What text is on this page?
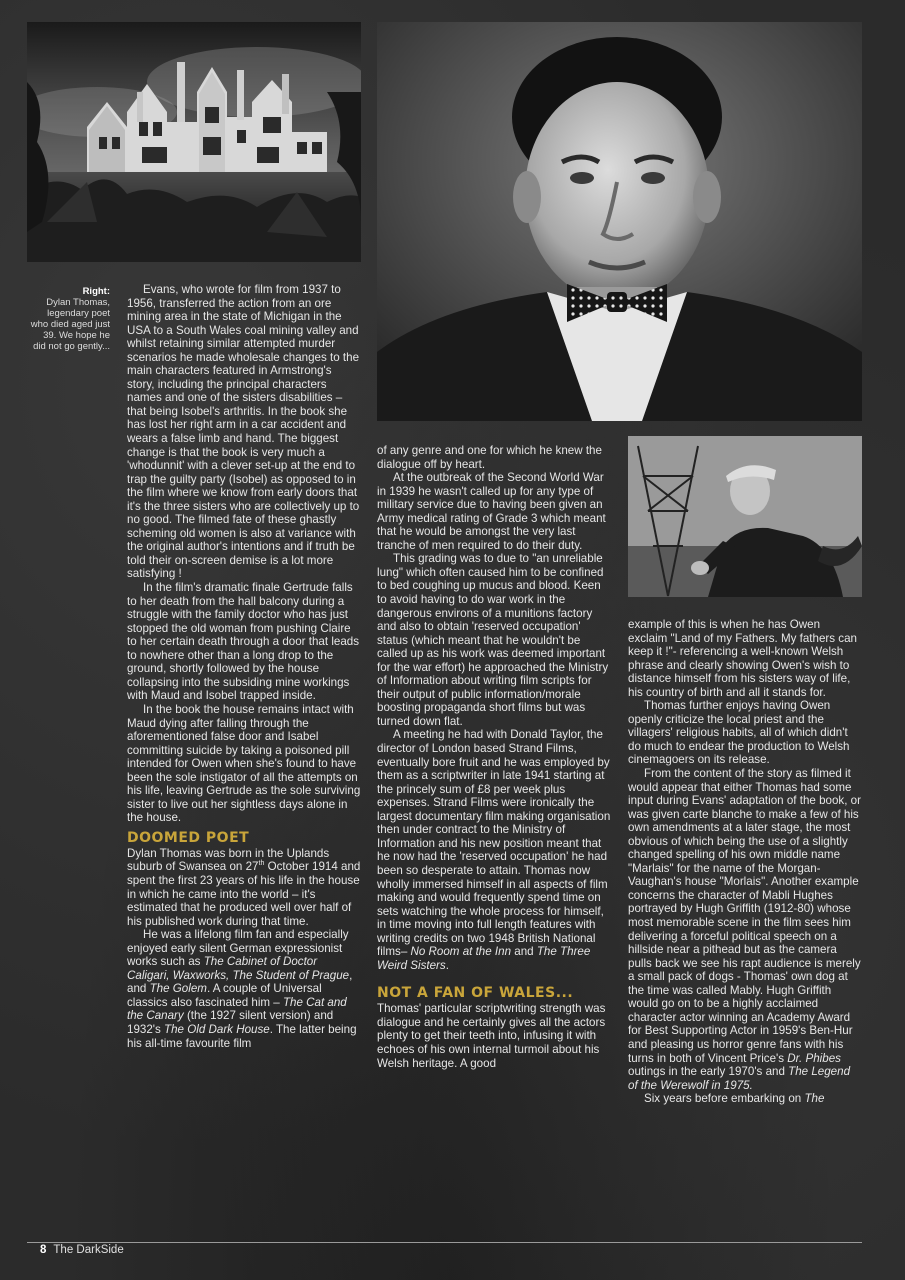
Right:
Dylan Thomas, legendary poet who died aged just 39. We hope he did not go gently...

Evans, who wrote for film from 1937 to 1956, transferred the action from an ore mining area in the state of Michigan in the USA to a South Wales coal mining valley and whilst retaining similar attempted murder scenarios he made wholesale changes to the main characters featured in Armstrong's story, including the principal characters names and one of the sisters disabilities – that being Isobel's arthritis. In the book she has lost her right arm in a car accident and wears a false limb and hand. The biggest change is that the book is very much a 'whodunnit' with a clever set-up at the end to trap the guilty party (Isobel) as opposed to in the film where we know from early doors that it's the three sisters who are collectively up to no good. The filmed fate of these ghastly scheming old women is also at variance with the original author's intentions and if truth be told their on-screen demise is a lot more satisfying !

In the film's dramatic finale Gertrude falls to her death from the hall balcony during a struggle with the family doctor who has just stopped the old woman from pushing Claire to her certain death through a door that leads to nowhere other than a long drop to the ground, shortly followed by the house collapsing into the subsiding mine workings with Maud and Isobel trapped inside.

In the book the house remains intact with Maud dying after falling through the aforementioned false door and Isabel committing suicide by taking a poisoned pill intended for Owen when she's found to have been the sole instigator of all the attempts on his life, leaving Gertrude as the sole surviving sister to live out her sightless days alone in the house.

DOOMED POET

Dylan Thomas was born in the Uplands suburb of Swansea on 27th October 1914 and spent the first 23 years of his life in the house in which he came into the world – it's estimated that he produced well over half of his published work during that time.

He was a lifelong film fan and especially enjoyed early silent German expressionist works such as The Cabinet of Doctor Caligari, Waxworks, The Student of Prague, and The Golem. A couple of Universal classics also fascinated him – The Cat and the Canary (the 1927 silent version) and 1932's The Old Dark House. The latter being his all-time favourite film

of any genre and one for which he knew the dialogue off by heart.

At the outbreak of the Second World War in 1939 he wasn't called up for any type of military service due to having been given an Army medical rating of Grade 3 which meant that he would be amongst the very last tranche of men required to do their duty.

This grading was to due to "an unreliable lung" which often caused him to be confined to bed coughing up mucus and blood. Keen to avoid having to do war work in the dangerous environs of a munitions factory and also to obtain 'reserved occupation' status (which meant that he wouldn't be called up as his work was deemed important for the war effort) he approached the Ministry of Information about writing film scripts for their output of public information/morale boosting propaganda short films but was turned down flat.

A meeting he had with Donald Taylor, the director of London based Strand Films, eventually bore fruit and he was employed by them as a scriptwriter in late 1941 starting at the princely sum of £8 per week plus expenses. Strand Films were ironically the largest documentary film making organisation then under contract to the Ministry of Information and his new position meant that he now had the 'reserved occupation' he had been so desperate to attain. Thomas now wholly immersed himself in all aspects of film making and would frequently spend time on sets watching the whole process for himself, in time moving into full length features with writing credits on two 1948 British National films– No Room at the Inn and The Three Weird Sisters.

NOT A FAN OF WALES...

Thomas' particular scriptwriting strength was dialogue and he certainly gives all the actors plenty to get their teeth into, infusing it with echoes of his own internal turmoil about his Welsh heritage. A good

example of this is when he has Owen exclaim "Land of my Fathers. My fathers can keep it !"- referencing a well-known Welsh phrase and clearly showing Owen's wish to distance himself from his sisters way of life, his country of birth and all it stands for.

Thomas further enjoys having Owen openly criticize the local priest and the villagers' religious habits, all of which didn't do much to endear the production to Welsh cinemagoers on its release.

From the content of the story as filmed it would appear that either Thomas had some input during Evans' adaptation of the book, or was given carte blanche to make a few of his own amendments at a later stage, the most obvious of which being the use of a slightly changed spelling of his own middle name "Marlais" for the name of the Morgan-Vaughan's house "Morlais". Another example concerns the character of Mabli Hughes portrayed by Hugh Griffith (1912-80) whose most memorable scene in the film sees him delivering a forceful political speech on a hillside near a pithead but as the camera pulls back we see his rapt audience is merely a small pack of dogs - Thomas' own dog at the time was called Mably. Hugh Griffith would go on to be a highly acclaimed character actor winning an Academy Award for Best Supporting Actor in 1959's Ben-Hur and pleasing us horror genre fans with his turns in both of Vincent Price's Dr. Phibes outings in the early 1970's and The Legend of the Werewolf in 1975.

Six years before embarking on The

8 The DarkSide
